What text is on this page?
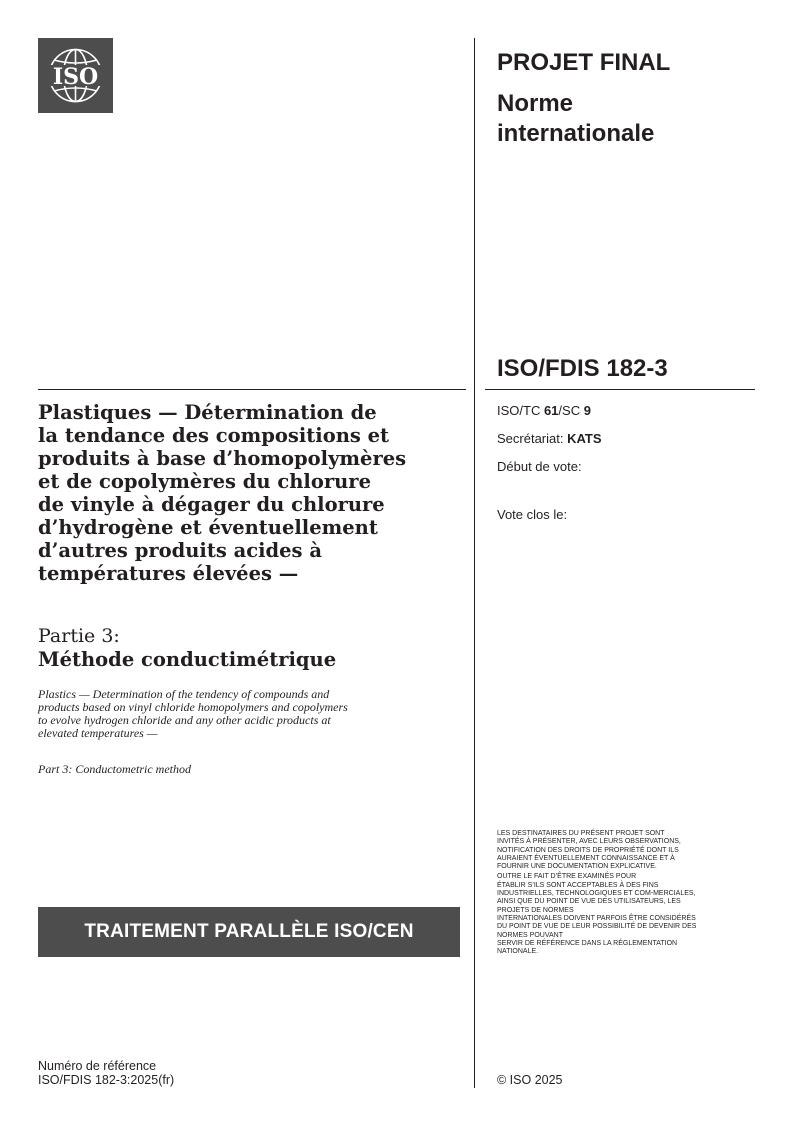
ISO
PROJET FINAL
Norme
internationale
ISO/FDIS 182-3
ISO/TC 61/SC 9
Secrétariat: KATS
Début de vote:
Vote clos le:
Plastiques — Détermination de
la tendance des compositions et
produits à base d’homopolymères
et de copolymères du chlorure
de vinyle à dégager du chlorure
d’hydrogène et éventuellement
d’autres produits acides à
températures élevées —
Partie 3:
Méthode conductimétrique
Plastics — Determination of the tendency of compounds and
products based on vinyl chloride homopolymers and copolymers
to evolve hydrogen chloride and any other acidic products at
elevated temperatures —
Part 3: Conductometric method
TRAITEMENT PARALLÈLE ISO/CEN

LES DESTINATAIRES DU PRÉSENT PROJET SONT
INVITÉS À PRÉSENTER, AVEC LEURS OBSERVATIONS,
NOTIFICATION DES DROITS DE PROPRIÉTÉ DONT ILS
AURAIENT ÉVENTUELLEMENT CONNAISSANCE ET À
FOURNIR UNE DOCUMENTATION EXPLICATIVE.

OUTRE LE FAIT D’ÊTRE EXAMINÉS POUR
ÉTABLIR S’ILS SONT ACCEPTABLES À DES FINS
INDUSTRIELLES, TECHNOLOGIQUES ET COM-MERCIALES,
AINSI QUE DU POINT DE VUE DES UTILISATEURS, LES
PROJETS DE NORMES
INTERNATIONALES DOIVENT PARFOIS ÊTRE CONSIDÉRÉS
DU POINT DE VUE DE LEUR POSSIBILITÉ DE DEVENIR DES
NORMES POUVANT
SERVIR DE RÉFÉRENCE DANS LA RÉGLEMENTATION
NATIONALE.

Numéro de référence
ISO/FDIS 182-3:2025(fr)	© ISO 2025
